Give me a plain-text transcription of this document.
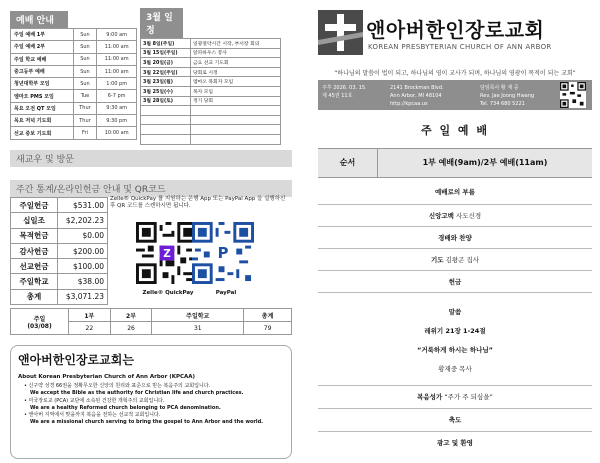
예배 안내
주일 예배 1부	Sun	9:00 am
주일 예배 2부	Sun	11:00 am
주일 학교 예배	Sun	11:00 am
중고등부 예배	Sun	11:00 am
청년대학부 모임	Sun	1:00 pm
엠마오 PMS 모임	Tue	6-7 pm
목요 오전 QT 모임	Thur	9:30 am
목요 저녁 기도회	Thur	9:30 pm
선교 중보 기도회	Fri	10:00 am
3월 일정
3월 8일(주일)	일광절약시간 시작, 부서장 회의
3월 15일(주일)	알파하우스 봉사
3월 20일(금)	금요 선교 기도회
3월 22일(주일)	당회로 시정
3월 23일(월)	엠마오 목회자 모임
3월 25일(수)	목자 모임
3월 28일(토)	정기 당회

새교우 및 방문
주간 통계/온라인헌금 안내 및 QR코드
주일헌금	$531.00
십일조	$2,202.23
목적헌금	$0.00
감사헌금	$200.00
선교헌금	$100.00
주일학교	$38.00
총계	$3,071.23
Zelle® QuickPay 를 지원하는 은행 App 또는 PayPal App 을 실행하신 후 QR 코드를 스캔하시면 됩니다.
Z	P
Zelle® QuickPay	PayPal
주일
(03/08)	1부	2부	주일학교	총계
	22	26	31	79
앤아버한인장로교회는
About Korean Presbyterian Church of Ann Arbor (KPCAA)
• 신구약 성경 66권을 정확무오한 신앙의 원리와 표준으로 믿는 복음주의 교회입니다.
We accept the Bible as the authority for Christian life and church practices.
• 미국장로교 (PCA) 교단에 소속된 건강한 개혁주의 교회입니다.
We are a healthy Reformed church belonging to PCA denomination.
• 앤아버 지역에서 맞을까지 복음을 전하는 선교적 교회입니다.
We are a missional church serving to bring the gospel to Ann Arbor and the world.
앤아버한인장로교회
KOREAN PRESBYTERIAN CHURCH OF ANN ARBOR
“하나님의 말씀이 법이 되고, 하나님의 영이 교사가 되며, 하나님의 영광이 목적이 되는 교회”
주후 2026. 03. 15.
제 45권 11호
2141 Brockman Blvd.
Ann Arbor, MI 48104
http://kpcaa.us
담임목사 황 재 중
Rev. Jae Joong Hwang
Tel. 734 680 5221
주 일 예 배
순서	1부 예배(9am)/2부 예배(11am)
예배로의 부름
신앙고백 사도신경
경배와 찬양
기도 김왕곤 집사
헌금
말씀
레위기 21장 1-24절
“거룩하게 하시는 하나님”
황재중 목사
복음성가 “주가 주 되심을”
축도
광고 및 환영
